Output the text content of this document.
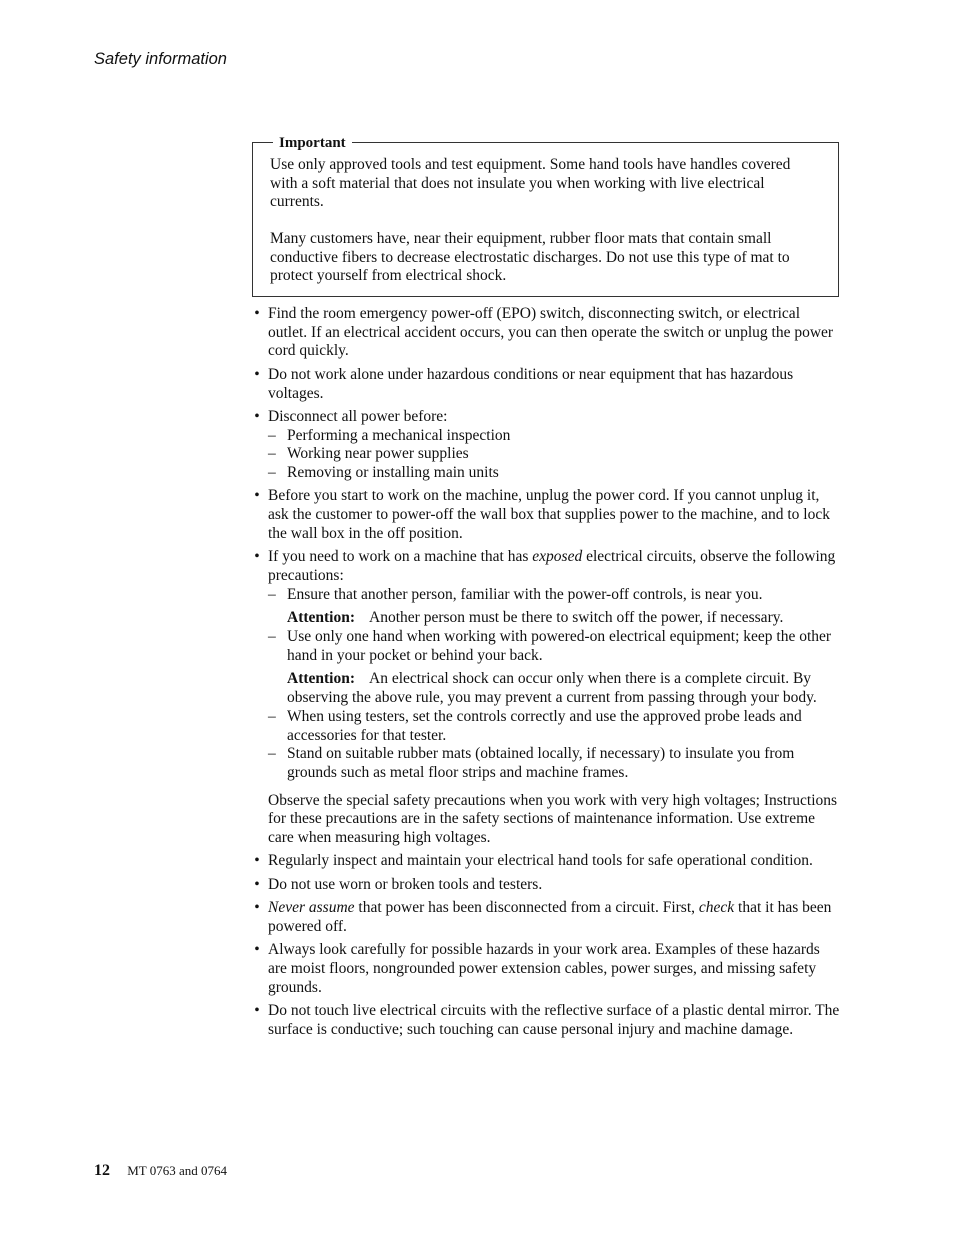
Safety information
Important

Use only approved tools and test equipment. Some hand tools have handles covered with a soft material that does not insulate you when working with live electrical currents.

Many customers have, near their equipment, rubber floor mats that contain small conductive fibers to decrease electrostatic discharges. Do not use this type of mat to protect yourself from electrical shock.

• Find the room emergency power-off (EPO) switch, disconnecting switch, or electrical outlet. If an electrical accident occurs, you can then operate the switch or unplug the power cord quickly.
• Do not work alone under hazardous conditions or near equipment that has hazardous voltages.
• Disconnect all power before:
– Performing a mechanical inspection
– Working near power supplies
– Removing or installing main units
• Before you start to work on the machine, unplug the power cord. If you cannot unplug it, ask the customer to power-off the wall box that supplies power to the machine, and to lock the wall box in the off position.
• If you need to work on a machine that has exposed electrical circuits, observe the following precautions:
– Ensure that another person, familiar with the power-off controls, is near you.

Attention: Another person must be there to switch off the power, if necessary.

– Use only one hand when working with powered-on electrical equipment; keep the other hand in your pocket or behind your back.

Attention: An electrical shock can occur only when there is a complete circuit. By observing the above rule, you may prevent a current from passing through your body.

– When using testers, set the controls correctly and use the approved probe leads and accessories for that tester.
– Stand on suitable rubber mats (obtained locally, if necessary) to insulate you from grounds such as metal floor strips and machine frames.

Observe the special safety precautions when you work with very high voltages; Instructions for these precautions are in the safety sections of maintenance information. Use extreme care when measuring high voltages.

• Regularly inspect and maintain your electrical hand tools for safe operational condition.
• Do not use worn or broken tools and testers.
• Never assume that power has been disconnected from a circuit. First, check that it has been powered off.
• Always look carefully for possible hazards in your work area. Examples of these hazards are moist floors, nongrounded power extension cables, power surges, and missing safety grounds.
• Do not touch live electrical circuits with the reflective surface of a plastic dental mirror. The surface is conductive; such touching can cause personal injury and machine damage.
12 MT 0763 and 0764
